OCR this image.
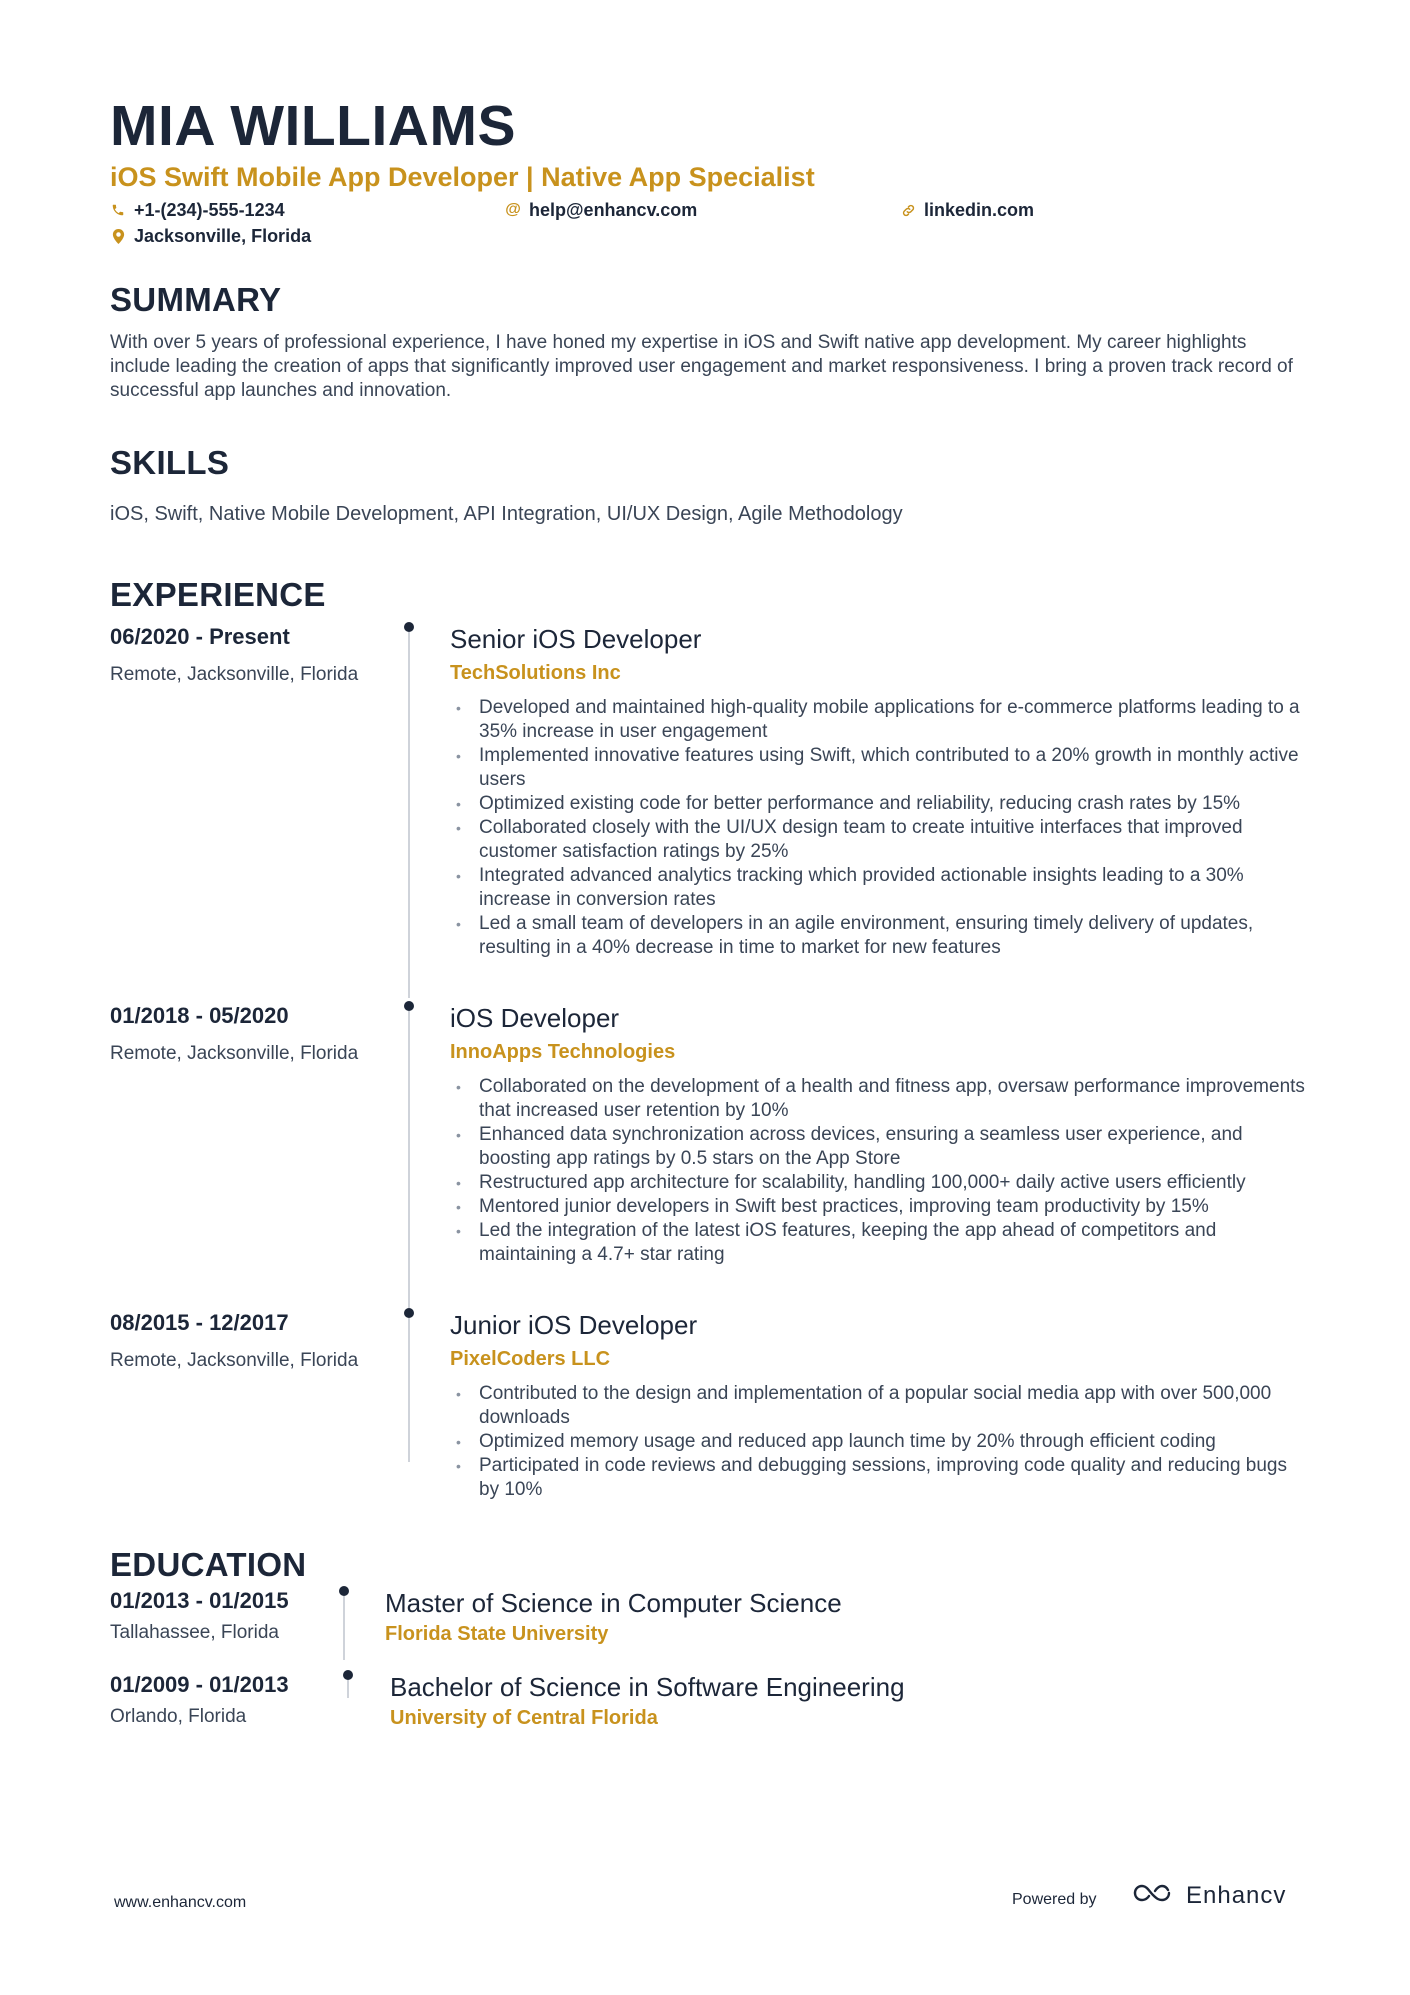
MIA WILLIAMS
iOS Swift Mobile App Developer | Native App Specialist
+1-(234)-555-1234	@ help@enhancv.com	linkedin.com
Jacksonville, Florida
SUMMARY
With over 5 years of professional experience, I have honed my expertise in iOS and Swift native app development. My career highlights include leading the creation of apps that significantly improved user engagement and market responsiveness. I bring a proven track record of successful app launches and innovation.
SKILLS
iOS, Swift, Native Mobile Development, API Integration, UI/UX Design, Agile Methodology
EXPERIENCE
06/2020 - Present
Remote, Jacksonville, Florida
Senior iOS Developer
TechSolutions Inc
• Developed and maintained high-quality mobile applications for e-commerce platforms leading to a 35% increase in user engagement
• Implemented innovative features using Swift, which contributed to a 20% growth in monthly active users
• Optimized existing code for better performance and reliability, reducing crash rates by 15%
• Collaborated closely with the UI/UX design team to create intuitive interfaces that improved customer satisfaction ratings by 25%
• Integrated advanced analytics tracking which provided actionable insights leading to a 30% increase in conversion rates
• Led a small team of developers in an agile environment, ensuring timely delivery of updates, resulting in a 40% decrease in time to market for new features
01/2018 - 05/2020
Remote, Jacksonville, Florida
iOS Developer
InnoApps Technologies
• Collaborated on the development of a health and fitness app, oversaw performance improvements that increased user retention by 10%
• Enhanced data synchronization across devices, ensuring a seamless user experience, and boosting app ratings by 0.5 stars on the App Store
• Restructured app architecture for scalability, handling 100,000+ daily active users efficiently
• Mentored junior developers in Swift best practices, improving team productivity by 15%
• Led the integration of the latest iOS features, keeping the app ahead of competitors and maintaining a 4.7+ star rating
08/2015 - 12/2017
Remote, Jacksonville, Florida
Junior iOS Developer
PixelCoders LLC
• Contributed to the design and implementation of a popular social media app with over 500,000 downloads
• Optimized memory usage and reduced app launch time by 20% through efficient coding
• Participated in code reviews and debugging sessions, improving code quality and reducing bugs by 10%
EDUCATION
01/2013 - 01/2015
Tallahassee, Florida
Master of Science in Computer Science
Florida State University
01/2009 - 01/2013
Orlando, Florida
Bachelor of Science in Software Engineering
University of Central Florida
www.enhancv.com	Powered by	Enhancv
